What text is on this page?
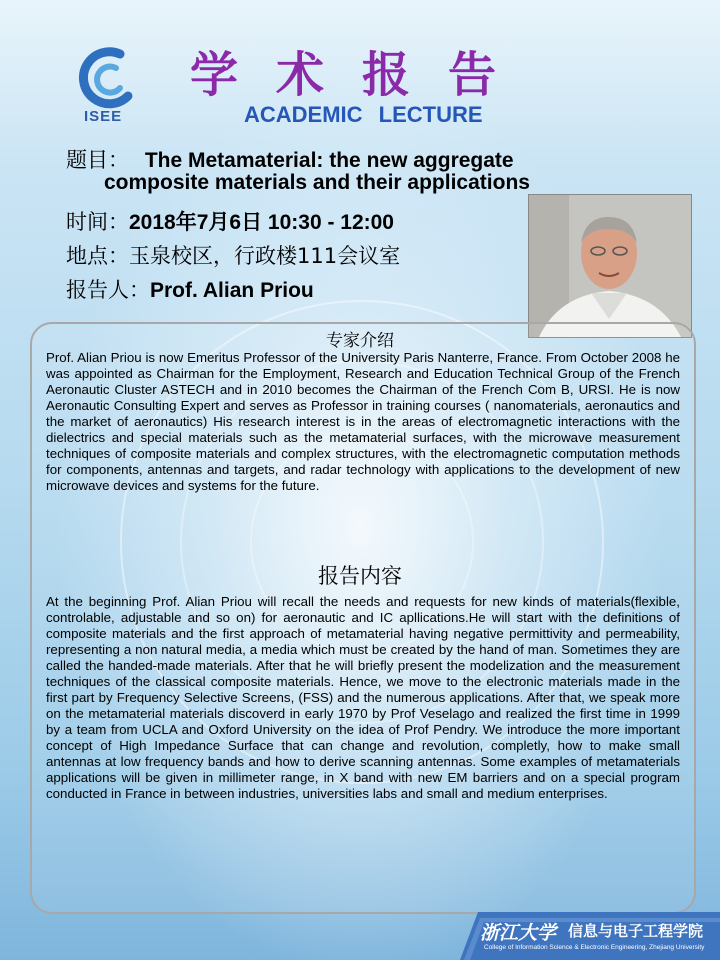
ISEE
学术报告
ACADEMIC LECTURE
题目： The Metamaterial: the new aggregate
composite materials and their applications
时间：2018年7月6日 10:30 - 12:00
地点：玉泉校区，行政楼111会议室
报告人：Prof. Alian Priou
专家介绍

Prof. Alian Priou is now Emeritus Professor of the University Paris Nanterre, France. From October 2008 he was appointed as Chairman for the Employment, Research and Education Technical Group of the French Aeronautic Cluster ASTECH and in 2010 becomes the Chairman of the French Com B, URSI. He is now Aeronautic Consulting Expert and serves as Professor in training courses ( nanomaterials, aeronautics and the market of aeronautics) His research interest is in the areas of electromagnetic interactions with the dielectrics and special materials such as the metamaterial surfaces, with the microwave measurement techniques of composite materials and complex structures, with the electromagnetic computation methods for components, antennas and targets, and radar technology with applications to the development of new microwave devices and systems for the future.

报告内容

At the beginning Prof. Alian Priou will recall the needs and requests for new kinds of materials(flexible, controlable, adjustable and so on) for aeronautic and IC apllications.He will start with the definitions of composite materials and the first approach of metamaterial having negative permittivity and permeability, representing a non natural media, a media which must be created by the hand of man. Sometimes they are called the handed-made materials. After that he will briefly present the modelization and the measurement techniques of the classical composite materials. Hence, we move to the electronic materials made in the first part by Frequency Selective Screens, (FSS) and the numerous applications. After that, we speak more on the metamaterial materials discoverd in early 1970 by Prof Veselago and realized the first time in 1999 by a team from UCLA and Oxford University on the idea of Prof Pendry. We introduce the more important concept of High Impedance Surface that can change and revolution, completly, how to make small antennas at low frequency bands and how to derive scanning antennas. Some examples of metamaterials applications will be given in millimeter range, in X band with new EM barriers and on a special program conducted in France in between industries, universities labs and small and medium enterprises.

浙江大学 信息与电子工程学院
College of Information Science & Electronic Engineering, Zhejiang University
